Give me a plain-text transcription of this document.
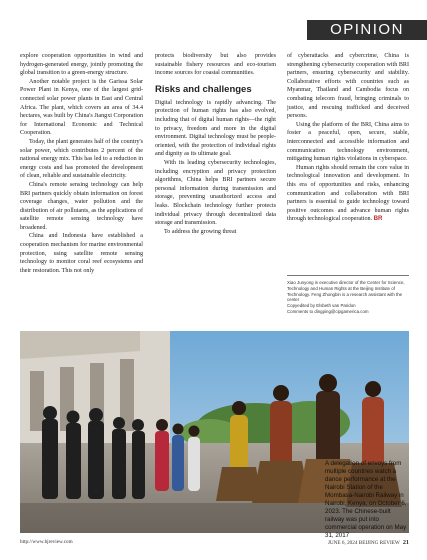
OPINION

explore cooperation opportunities in wind and hydrogen-generated energy, jointly promoting the global transition to a green-energy structure.

Another notable project is the Garissa Solar Power Plant in Kenya, one of the largest grid-connected solar power plants in East and Central Africa. The plant, which covers an area of 34.4 hectares, was built by China's Jiangxi Corporation for International Economic and Technical Cooperation.

Today, the plant generates half of the country's solar power, which contributes 2 percent of the national energy mix. This has led to a reduction in energy costs and has promoted the development of clean, reliable and sustainable electricity.

China's remote sensing technology can help BRI partners quickly obtain information on forest coverage changes, water pollution and the distribution of air pollutants, as the applications of satellite remote sensing technology have broadened.

China and Indonesia have established a cooperation mechanism for marine environmental protection, using satellite remote sensing technology to monitor coral reef ecosystems and their restoration. This not only

protects biodiversity but also provides sustainable fishery resources and eco-tourism income sources for coastal communities.

Risks and challenges

Digital technology is rapidly advancing. The protection of human rights has also evolved, including that of digital human rights—the right to privacy, freedom and more in the digital environment. Digital technology must be people-oriented, with the protection of individual rights and dignity as its ultimate goal.

With its leading cybersecurity technologies, including encryption and privacy protection algorithms, China helps BRI partners secure personal information during transmission and storage, preventing unauthorized access and leaks. Blockchain technology further protects individual privacy through decentralized data storage and transmission.

To address the growing threat

of cyberattacks and cybercrime, China is strengthening cybersecurity cooperation with BRI partners, ensuring cybersecurity and stability. Collaborative efforts with countries such as Myanmar, Thailand and Cambodia focus on combating telecom fraud, bringing criminals to justice, and rescuing trafficked and deceived persons.

Using the platform of the BRI, China aims to foster a peaceful, open, secure, stable, interconnected and accessible information and communication technology environment, mitigating human rights violations in cyberspace.

Human rights should remain the core value in technological innovation and development. In this era of opportunities and risks, enhancing communication and collaboration with BRI partners is essential to guide technology toward positive outcomes and advance human rights through technological cooperation. BR

Xiao Junyong is executive director of the Center for Science, Technology and Human Rights at the Beijing Institute of Technology. Feng Zhongbin is a research assistant with the center
Copyedited by Elsbeth van Paridon
Comments to dingping@cipgamerica.com
A delegation of envoys from multiple countries watch a dance performance at the Nairobi Station of the Mombasa-Nairobi Railway in Nairobi, Kenya, on October 6, 2023. The Chinese-built railway was put into commercial operation on May 31, 2017
http://www.bjreview.com	JUNE 6, 2024 BEIJING REVIEW 21
